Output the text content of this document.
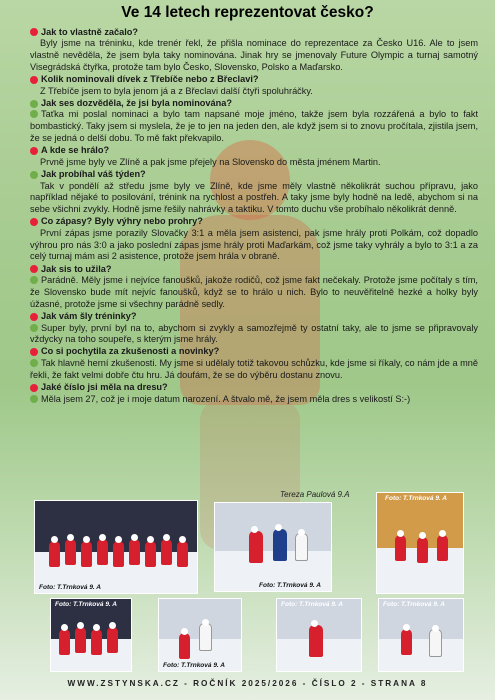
Ve 14 letech reprezentovat česko?
Jak to vlastně začalo?
Byly jsme na tréninku, kde trenér řekl, že přišla nominace do reprezentace za Česko U16. Ale to jsem vlastně nevěděla, že jsem byla taky nominována. Jinak hry se jmenovaly Future Olympic a turnaj samotný Visegrádská čtyřka, protože tam bylo Česko, Slovensko, Polsko a Maďarsko.
Kolik nominovali dívek z Třebíče nebo z Břeclavi?
Z Třebíče jsem to byla jenom já a z Břeclavi další čtyři spoluhráčky.
Jak ses dozvěděla, že jsi byla nominována?
Taťka mi poslal nominaci a bylo tam napsané moje jméno, takže jsem byla rozzářená a bylo to fakt bombastický. Taky jsem si myslela, že je to jen na jeden den, ale když jsem si to znovu pročítala, zjistila jsem, že se jedná o delší dobu. To mě fakt překvapilo.
A kde se hrálo?
Prvně jsme byly ve Zlíně a pak jsme přejely na Slovensko do města jménem Martin.
Jak probíhal váš týden?
Tak v pondělí až středu jsme byly ve Zlíně, kde jsme měly vlastně několikrát suchou přípravu, jako například nějaké to posilování, trénink na rychlost a postřeh. A taky jsme byly hodně na ledě, abychom si na sebe všichni zvykly. Hodně jsme řešily nahrávky a taktiku. V tomto duchu vše probíhalo několikrát denně.
Co zápasy? Byly výhry nebo prohry?
První zápas jsme porazily Slovačky 3:1 a měla jsem asistenci, pak jsme hrály proti Polkám, což dopadlo výhrou pro nás 3:0 a jako poslední zápas jsme hrály proti Maďarkám, což jsme taky vyhrály a bylo to 3:1 a za celý turnaj mám asi 2 asistence, protože jsem hrála v obraně.
Jak sis to užila?
Parádně. Měly jsme i nejvíce fanoušků, jakože rodičů, což jsme fakt nečekaly. Protože jsme počítaly s tím, že Slovensko bude mít nejvíc fanoušků, když se to hrálo u nich. Bylo to neuvěřitelně hezké a holky byly úžasné, protože jsme si všechny parádně sedly.
Jak vám šly tréninky?
Super byly, první byl na to, abychom si zvykly a samozřejmě ty ostatní taky, ale to jsme se připravovaly vždycky na toho soupeře, s kterým jsme hrály.
Co si pochytila za zkušenosti a novinky?
Tak hlavně herní zkušenosti. My jsme si udělaly totiž takovou schůzku, kde jsme si říkaly, co nám jde a mně řekli, že fakt velmi dobře čtu hru. Já doufám, že se do výběru dostanu znovu.
Jaké číslo jsi měla na dresu?
Měla jsem 27, což je i moje datum narození. A štvalo mě, že jsem měla dres s velikostí S:-)
Tereza Paulová 9.A
Foto: T.Trnková 9. A	Foto: T.Trnková 9. A
Foto: T.Trnková 9. A
Foto: T.Trnková 9. A
Foto: T.Trnková 9. A
Foto: T.Trnková 9. A	Foto: T.Trnková 9. A
WWW.ZSTYNSKA.CZ - ROČNÍK 2025/2026 - ČÍSLO 2 - STRANA 8
